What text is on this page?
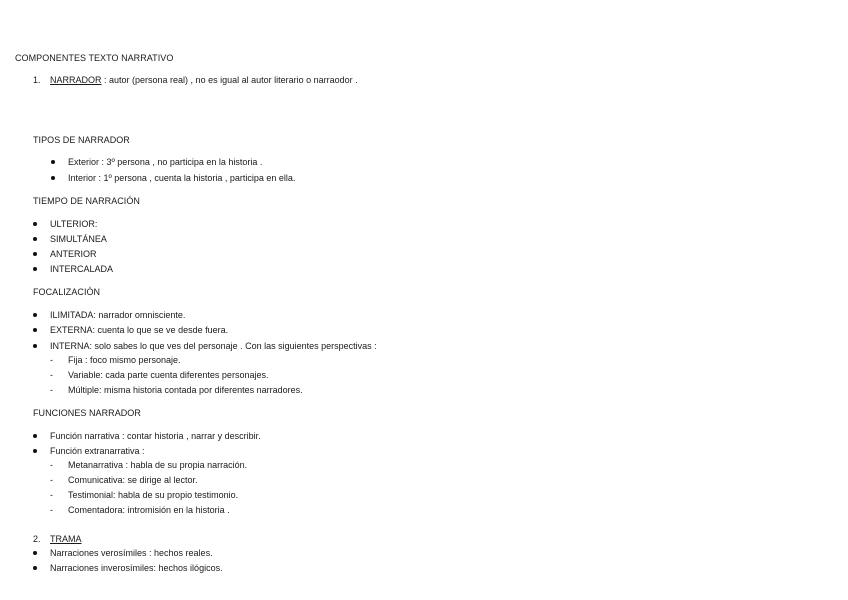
COMPONENTES TEXTO NARRATIVO
1. NARRADOR : autor (persona real) , no es igual al autor literario o narraodor .
TIPOS DE NARRADOR
Exterior : 3º persona , no participa en la historia .
Interior : 1º persona , cuenta la historia , participa en ella.
TIEMPO DE NARRACIÓN
ULTERIOR:
SIMULTÁNEA
ANTERIOR
INTERCALADA
FOCALIZACIÓN
ILIMITADA: narrador omnisciente.
EXTERNA: cuenta lo que se ve desde fuera.
INTERNA: solo sabes lo que ves del personaje . Con las siguientes perspectivas :
- Fija : foco mismo personaje.
- Variable: cada parte cuenta diferentes personajes.
- Múltiple: misma historia contada por diferentes narradores.
FUNCIONES NARRADOR
Función narrativa : contar historia , narrar y describir.
Función extranarrativa :
- Metanarrativa : habla de su propia narración.
- Comunicativa: se dirige al lector.
- Testimonial: habla de su propio testimonio.
- Comentadora: intromisión en la historia .
2. TRAMA
Narraciones verosímiles : hechos reales.
Narraciones inverosímiles: hechos ilógicos.
